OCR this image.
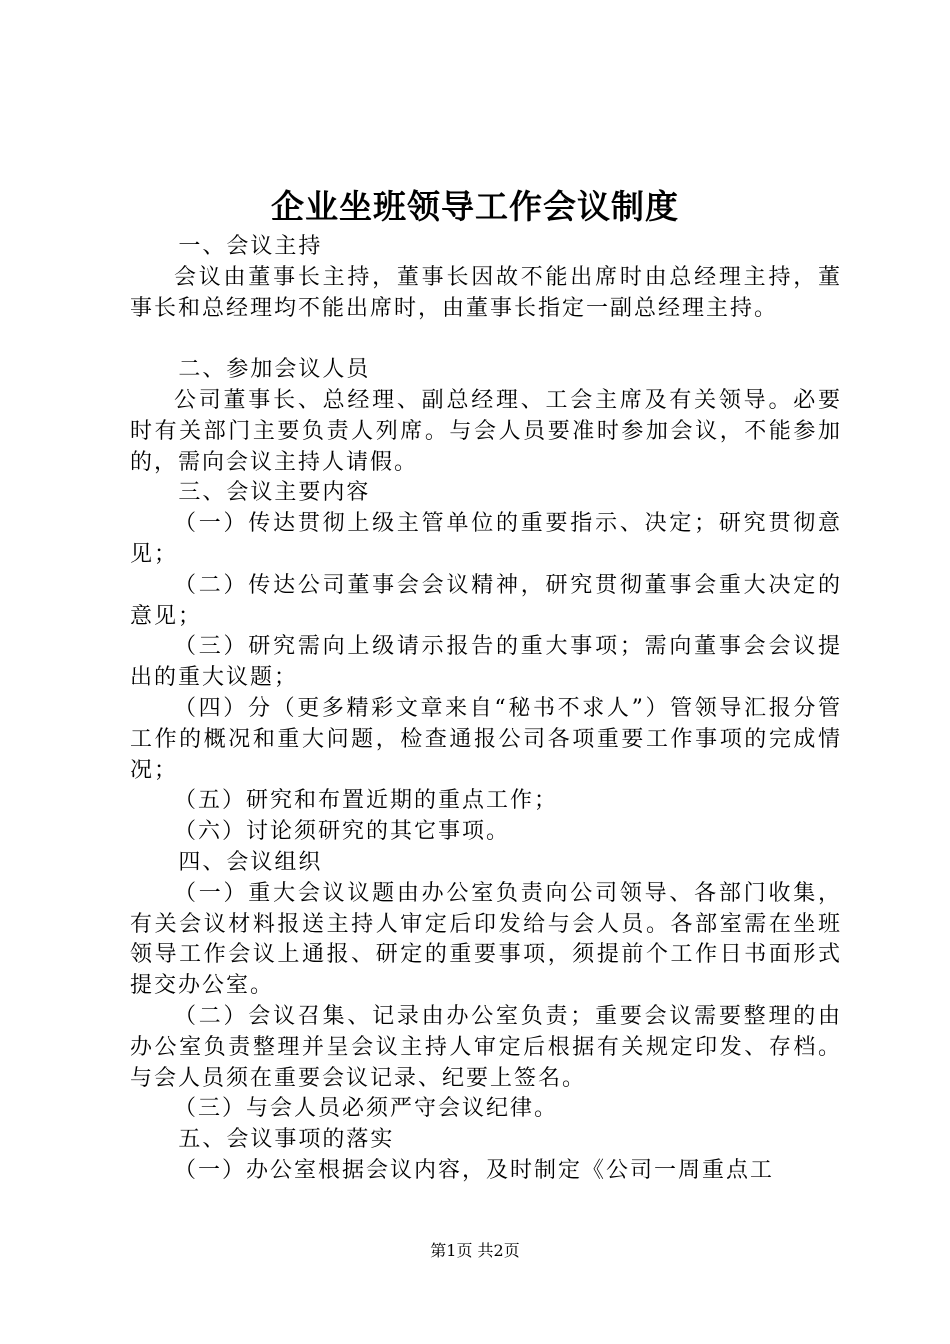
企业坐班领导工作会议制度

一、会议主持

会议由董事长主持，董事长因故不能出席时由总经理主持，董事长和总经理均不能出席时，由董事长指定一副总经理主持。

二、参加会议人员

公司董事长、总经理、副总经理、工会主席及有关领导。必要时有关部门主要负责人列席。与会人员要准时参加会议，不能参加的，需向会议主持人请假。

三、会议主要内容

（一）传达贯彻上级主管单位的重要指示、决定；研究贯彻意见；

（二）传达公司董事会会议精神，研究贯彻董事会重大决定的意见；

（三）研究需向上级请示报告的重大事项；需向董事会会议提出的重大议题；

（四）分（更多精彩文章来自“秘书不求人”）管领导汇报分管工作的概况和重大问题，检查通报公司各项重要工作事项的完成情况；

（五）研究和布置近期的重点工作；

（六）讨论须研究的其它事项。

四、会议组织

（一）重大会议议题由办公室负责向公司领导、各部门收集，有关会议材料报送主持人审定后印发给与会人员。各部室需在坐班领导工作会议上通报、研定的重要事项，须提前个工作日书面形式提交办公室。

（二）会议召集、记录由办公室负责；重要会议需要整理的由办公室负责整理并呈会议主持人审定后根据有关规定印发、存档。与会人员须在重要会议记录、纪要上签名。

（三）与会人员必须严守会议纪律。

五、会议事项的落实

（一）办公室根据会议内容，及时制定《公司一周重点工

第1页 共2页
